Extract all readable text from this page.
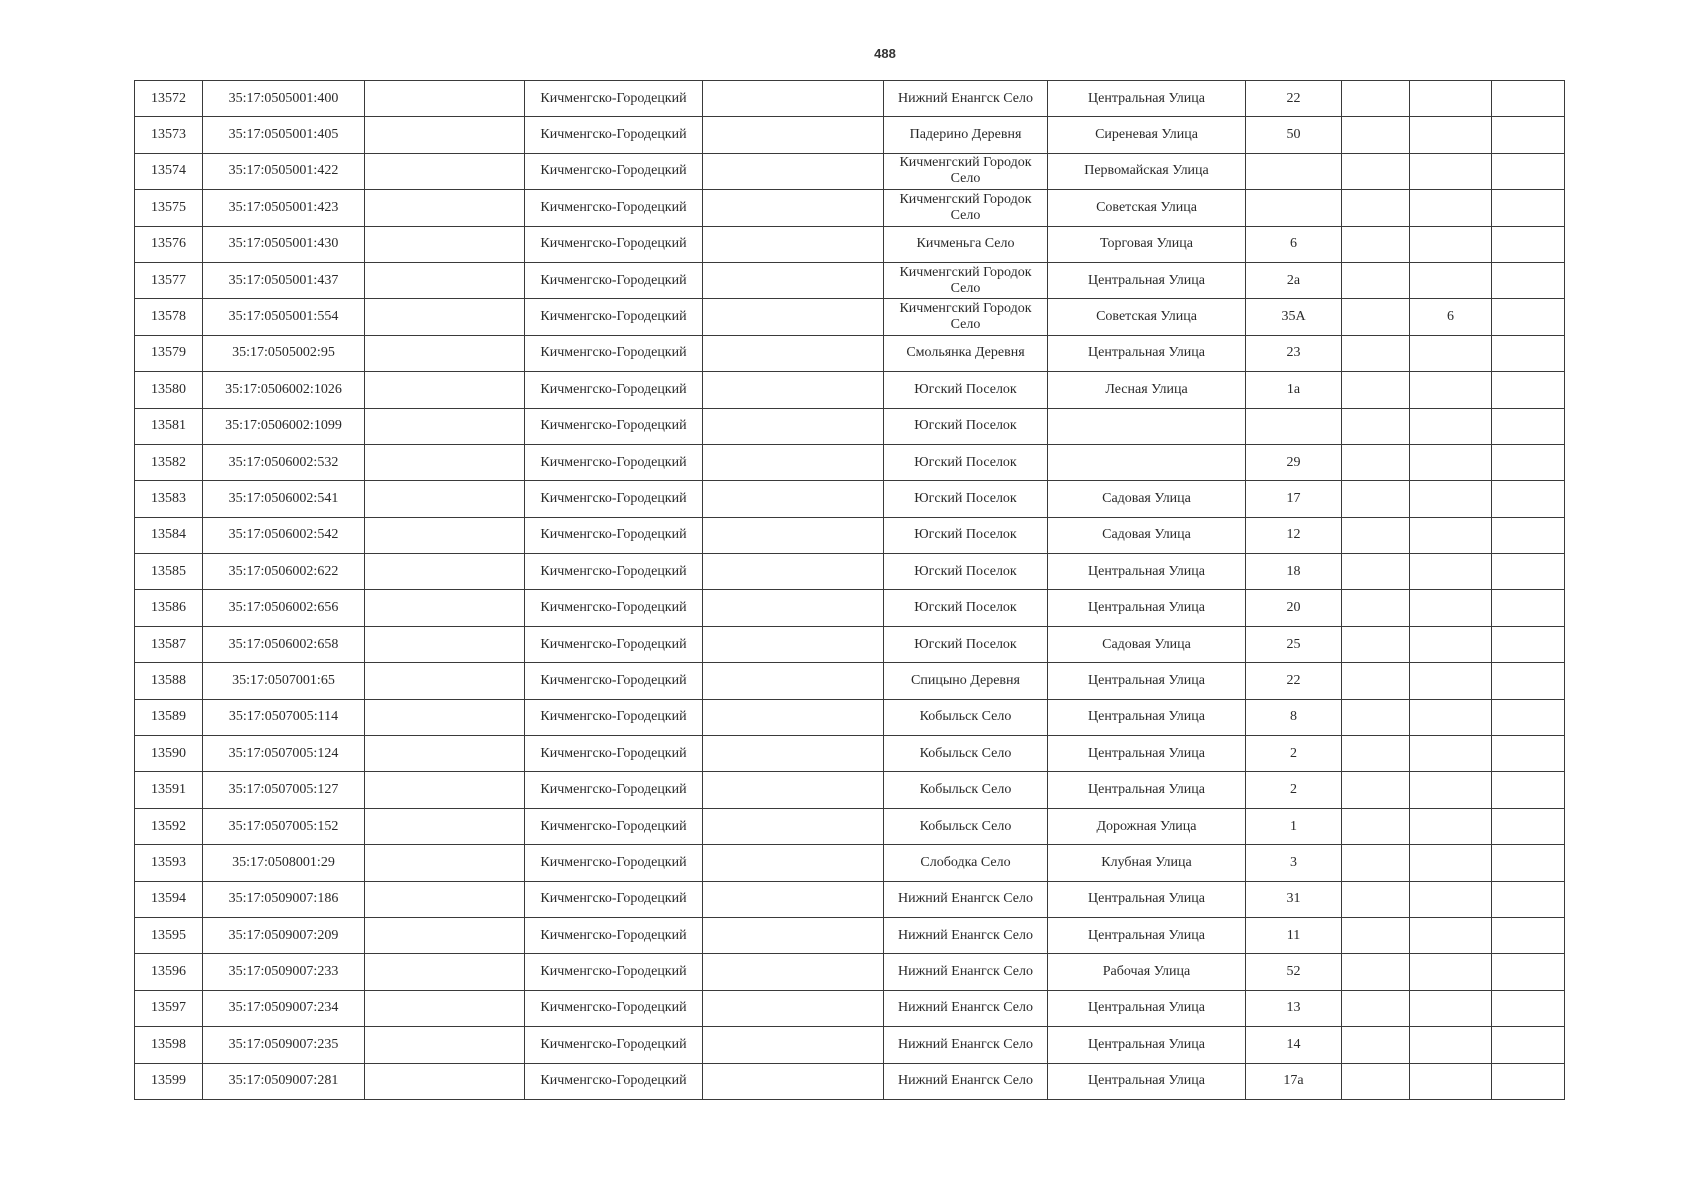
488
13572	35:17:0505001:400		Кичменгско-Городецкий		Нижний Енангск Село	Центральная Улица	22			
13573	35:17:0505001:405		Кичменгско-Городецкий		Падерино Деревня	Сиреневая Улица	50			
13574	35:17:0505001:422		Кичменгско-Городецкий		Кичменгский Городок Село	Первомайская Улица				
13575	35:17:0505001:423		Кичменгско-Городецкий		Кичменгский Городок Село	Советская Улица				
13576	35:17:0505001:430		Кичменгско-Городецкий		Кичменьга Село	Торговая Улица	6			
13577	35:17:0505001:437		Кичменгско-Городецкий		Кичменгский Городок Село	Центральная Улица	2а			
13578	35:17:0505001:554		Кичменгско-Городецкий		Кичменгский Городок Село	Советская Улица	35А		6	
13579	35:17:0505002:95		Кичменгско-Городецкий		Смольянка Деревня	Центральная Улица	23			
13580	35:17:0506002:1026		Кичменгско-Городецкий		Югский Поселок	Лесная Улица	1а			
13581	35:17:0506002:1099		Кичменгско-Городецкий		Югский Поселок					
13582	35:17:0506002:532		Кичменгско-Городецкий		Югский Поселок		29			
13583	35:17:0506002:541		Кичменгско-Городецкий		Югский Поселок	Садовая Улица	17			
13584	35:17:0506002:542		Кичменгско-Городецкий		Югский Поселок	Садовая Улица	12			
13585	35:17:0506002:622		Кичменгско-Городецкий		Югский Поселок	Центральная Улица	18			
13586	35:17:0506002:656		Кичменгско-Городецкий		Югский Поселок	Центральная Улица	20			
13587	35:17:0506002:658		Кичменгско-Городецкий		Югский Поселок	Садовая Улица	25			
13588	35:17:0507001:65		Кичменгско-Городецкий		Спицыно Деревня	Центральная Улица	22			
13589	35:17:0507005:114		Кичменгско-Городецкий		Кобыльск Село	Центральная Улица	8			
13590	35:17:0507005:124		Кичменгско-Городецкий		Кобыльск Село	Центральная Улица	2			
13591	35:17:0507005:127		Кичменгско-Городецкий		Кобыльск Село	Центральная Улица	2			
13592	35:17:0507005:152		Кичменгско-Городецкий		Кобыльск Село	Дорожная Улица	1			
13593	35:17:0508001:29		Кичменгско-Городецкий		Слободка Село	Клубная Улица	3			
13594	35:17:0509007:186		Кичменгско-Городецкий		Нижний Енангск Село	Центральная Улица	31			
13595	35:17:0509007:209		Кичменгско-Городецкий		Нижний Енангск Село	Центральная Улица	11			
13596	35:17:0509007:233		Кичменгско-Городецкий		Нижний Енангск Село	Рабочая Улица	52			
13597	35:17:0509007:234		Кичменгско-Городецкий		Нижний Енангск Село	Центральная Улица	13			
13598	35:17:0509007:235		Кичменгско-Городецкий		Нижний Енангск Село	Центральная Улица	14			
13599	35:17:0509007:281		Кичменгско-Городецкий		Нижний Енангск Село	Центральная Улица	17а			
